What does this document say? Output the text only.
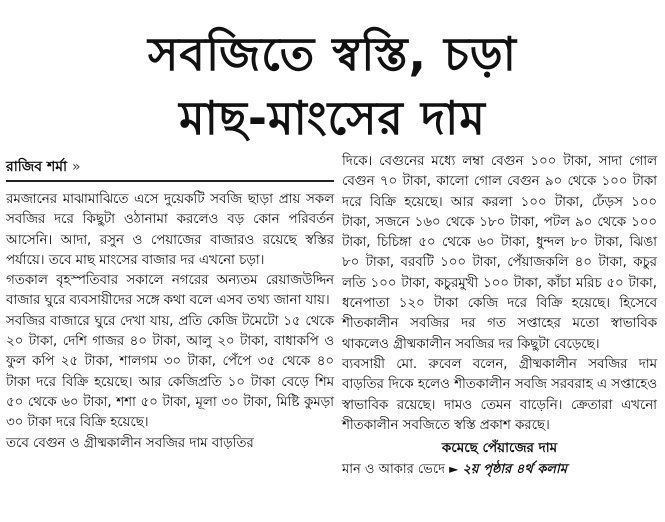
সবজিতে স্বস্তি, চড়া
মাছ-মাংসের দাম
রাজিব শর্মা »

রমজানের মাঝামাঝিতে এসে দুয়েকটি সবজি ছাড়া প্রায় সকল সবজির দরে কিছুটা ওঠানামা করলেও বড় কোন পরিবর্তন আসেনি। আদা, রসুন ও পেয়াজের বাজারও রয়েছে স্বস্তির পর্যায়ে। তবে মাছ মাংসের বাজার দর এখনো চড়া।

গতকাল বৃহস্পতিবার সকালে নগরের অন্যতম রেয়াজউদ্দিন বাজার ঘুরে ব্যবসায়ীদের সঙ্গে কথা বলে এসব তথ্য জানা যায়।

সবজির বাজারে ঘুরে দেখা যায়, প্রতি কেজি টমেটো ১৫ থেকে ২০ টাকা, দেশি গাজর ৪০ টাকা, আলু ২০ টাকা, বাধাকপি ও ফুল কপি ২৫ টাকা, শালগম ৩০ টাকা, পেঁপে ৩৫ থেকে ৪০ টাকা দরে বিক্রি হয়েছে। আর কেজিপ্রতি ১০ টাকা বেড়ে শিম ৫০ থেকে ৬০ টাকা, শশা ৫০ টাকা, মূলা ৩০ টাকা, মিষ্টি কুমড়া ৩০ টাকা দরে বিক্রি হয়েছে।

তবে বেগুন ও গ্রীষ্মকালীন সবজির দাম বাড়তির

দিকে। বেগুনের মধ্যে লম্বা বেগুন ১০০ টাকা, সাদা গোল বেগুন ৭০ টাকা, কালো গোল বেগুন ৯০ থেকে ১০০ টাকা দরে বিক্রি হয়েছে। আর করলা ১০০ টাকা, ঢেঁড়স ১০০ টাকা, সজনে ১৬০ থেকে ১৮০ টাকা, পটল ৯০ থেকে ১০০ টাকা, চিচিঙ্গা ৫০ থেকে ৬০ টাকা, ধুন্দল ৮০ টাকা, ঝিঙা ৮০ টাকা, বরবটি ১০০ টাকা, পেঁয়াজকলি ৪০ টাকা, কচুর লতি ১০০ টাকা, কচুরমুখী ১০০ টাকা, কাঁচা মরিচ ৫০ টাকা, ধনেপাতা ১২০ টাকা কেজি দরে বিক্রি হয়েছে। হিসেবে শীতকালীন সবজির দর গত সপ্তাহের মতো স্বাভাবিক থাকলেও গ্রীষ্মকালীন সবজির দর কিছুটা বেড়েছে।

ব্যবসায়ী মো. রুবেল বলেন, গ্রীষ্মকালীন সবজির দাম বাড়তির দিকে হলেও শীতকালীন সবজি সরবরাহ এ সপ্তাহেও স্বাভাবিক রয়েছে। দামও তেমন বাড়েনি। ক্রেতারা এখনো শীতকালীন সবজিতে স্বস্তি প্রকাশ করছে।

কমেছে পেঁয়াজের দাম
মান ও আকার ভেদে ► ২য় পৃষ্ঠার ৪র্থ কলাম
